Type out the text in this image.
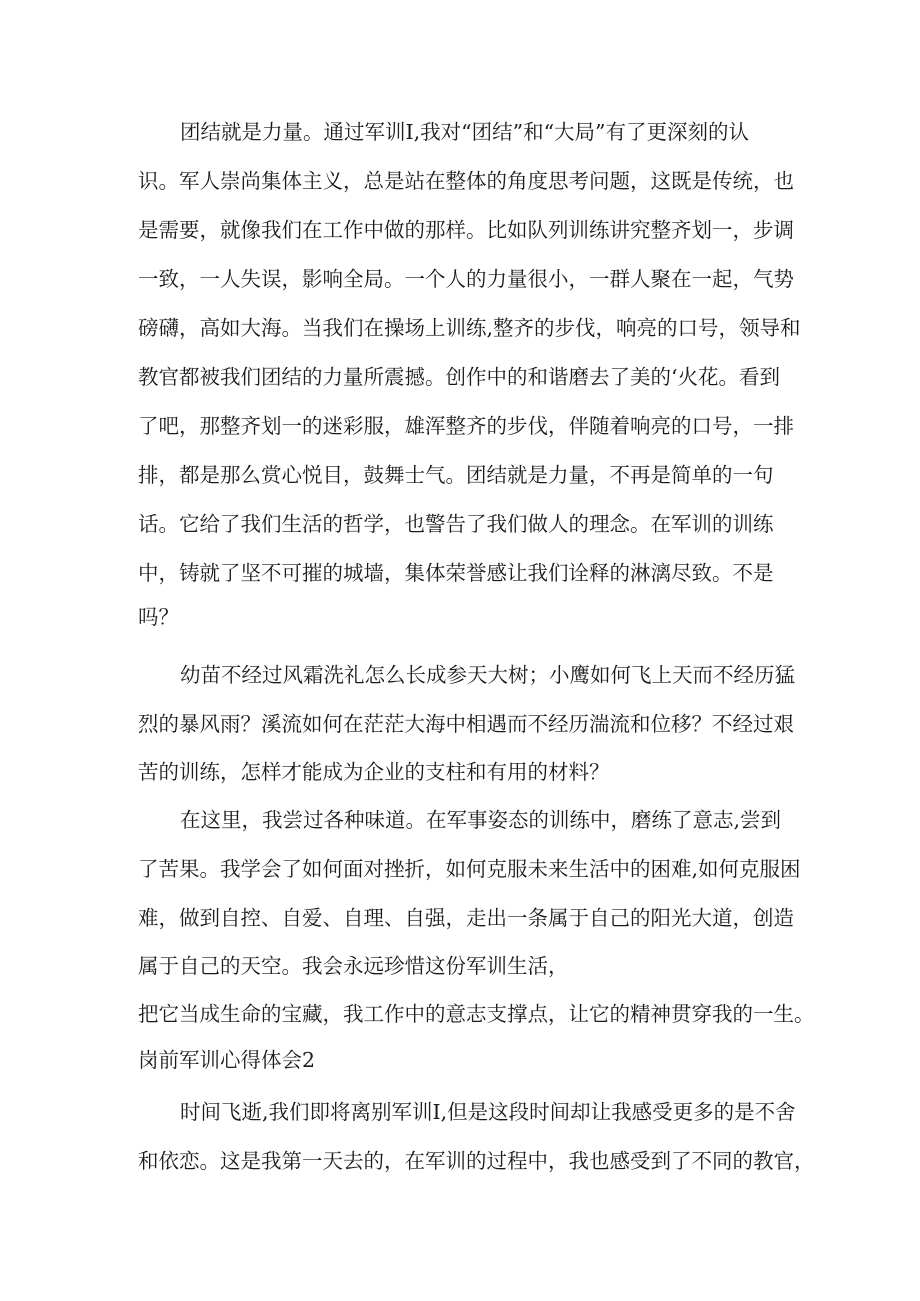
团结就是力量。通过军训I,我对“团结”和“大局”有了更深刻的认
识。军人崇尚集体主义，总是站在整体的角度思考问题，这既是传统，也
是需要，就像我们在工作中做的那样。比如队列训练讲究整齐划一，步调
一致，一人失误，影响全局。一个人的力量很小，一群人聚在一起，气势
磅礴，高如大海。当我们在操场上训练,整齐的步伐，响亮的口号，领导和
教官都被我们团结的力量所震撼。创作中的和谐磨去了美的‘火花。看到
了吧，那整齐划一的迷彩服，雄浑整齐的步伐，伴随着响亮的口号，一排
排，都是那么赏心悦目，鼓舞士气。团结就是力量，不再是简单的一句
话。它给了我们生活的哲学，也警告了我们做人的理念。在军训的训练
中，铸就了坚不可摧的城墙，集体荣誉感让我们诠释的淋漓尽致。不是
吗？
幼苗不经过风霜洗礼怎么长成参天大树；小鹰如何飞上天而不经历猛
烈的暴风雨？溪流如何在茫茫大海中相遇而不经历湍流和位移？不经过艰
苦的训练，怎样才能成为企业的支柱和有用的材料？
在这里，我尝过各种味道。在军事姿态的训练中，磨练了意志,尝到
了苦果。我学会了如何面对挫折，如何克服未来生活中的困难,如何克服困
难，做到自控、自爱、自理、自强，走出一条属于自己的阳光大道，创造
属于自己的天空。我会永远珍惜这份军训生活，
把它当成生命的宝藏，我工作中的意志支撑点，让它的精神贯穿我的一生。
岗前军训心得体会2
时间飞逝,我们即将离别军训I,但是这段时间却让我感受更多的是不舍
和依恋。这是我第一天去的，在军训的过程中，我也感受到了不同的教官，
